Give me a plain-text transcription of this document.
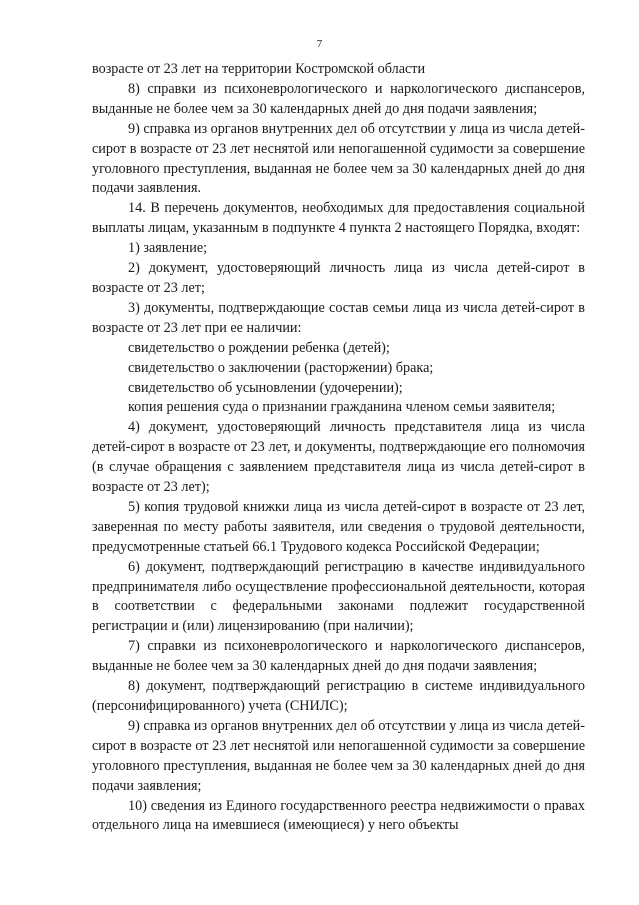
7

возрасте от 23 лет на территории Костромской области

8) справки из психоневрологического и наркологического диспансеров, выданные не более чем за 30 календарных дней до дня подачи заявления;

9) справка из органов внутренних дел об отсутствии у лица из числа детей-сирот в возрасте от 23 лет неснятой или непогашенной судимости за совершение уголовного преступления, выданная не более чем за 30 календарных дней до дня подачи заявления.

14. В перечень документов, необходимых для предоставления социальной выплаты лицам, указанным в подпункте 4 пункта 2 настоящего Порядка, входят:

1) заявление;

2) документ, удостоверяющий личность лица из числа детей-сирот в возрасте от 23 лет;

3) документы, подтверждающие состав семьи лица из числа детей-сирот в возрасте от 23 лет при ее наличии:

свидетельство о рождении ребенка (детей);

свидетельство о заключении (расторжении) брака;

свидетельство об усыновлении (удочерении);

копия решения суда о признании гражданина членом семьи заявителя;

4) документ, удостоверяющий личность представителя лица из числа детей-сирот в возрасте от 23 лет, и документы, подтверждающие его полномочия (в случае обращения с заявлением представителя лица из числа детей-сирот в возрасте от 23 лет);

5) копия трудовой книжки лица из числа детей-сирот в возрасте от 23 лет, заверенная по месту работы заявителя, или сведения о трудовой деятельности, предусмотренные статьей 66.1 Трудового кодекса Российской Федерации;

6) документ, подтверждающий регистрацию в качестве индивидуального предпринимателя либо осуществление профессиональной деятельности, которая в соответствии с федеральными законами подлежит государственной регистрации и (или) лицензированию (при наличии);

7) справки из психоневрологического и наркологического диспансеров, выданные не более чем за 30 календарных дней до дня подачи заявления;

8) документ, подтверждающий регистрацию в системе индивидуального (персонифицированного) учета (СНИЛС);

9) справка из органов внутренних дел об отсутствии у лица из числа детей-сирот в возрасте от 23 лет неснятой или непогашенной судимости за совершение уголовного преступления, выданная не более чем за 30 календарных дней до дня подачи заявления;

10) сведения из Единого государственного реестра недвижимости о правах отдельного лица на имевшиеся (имеющиеся) у него объекты
